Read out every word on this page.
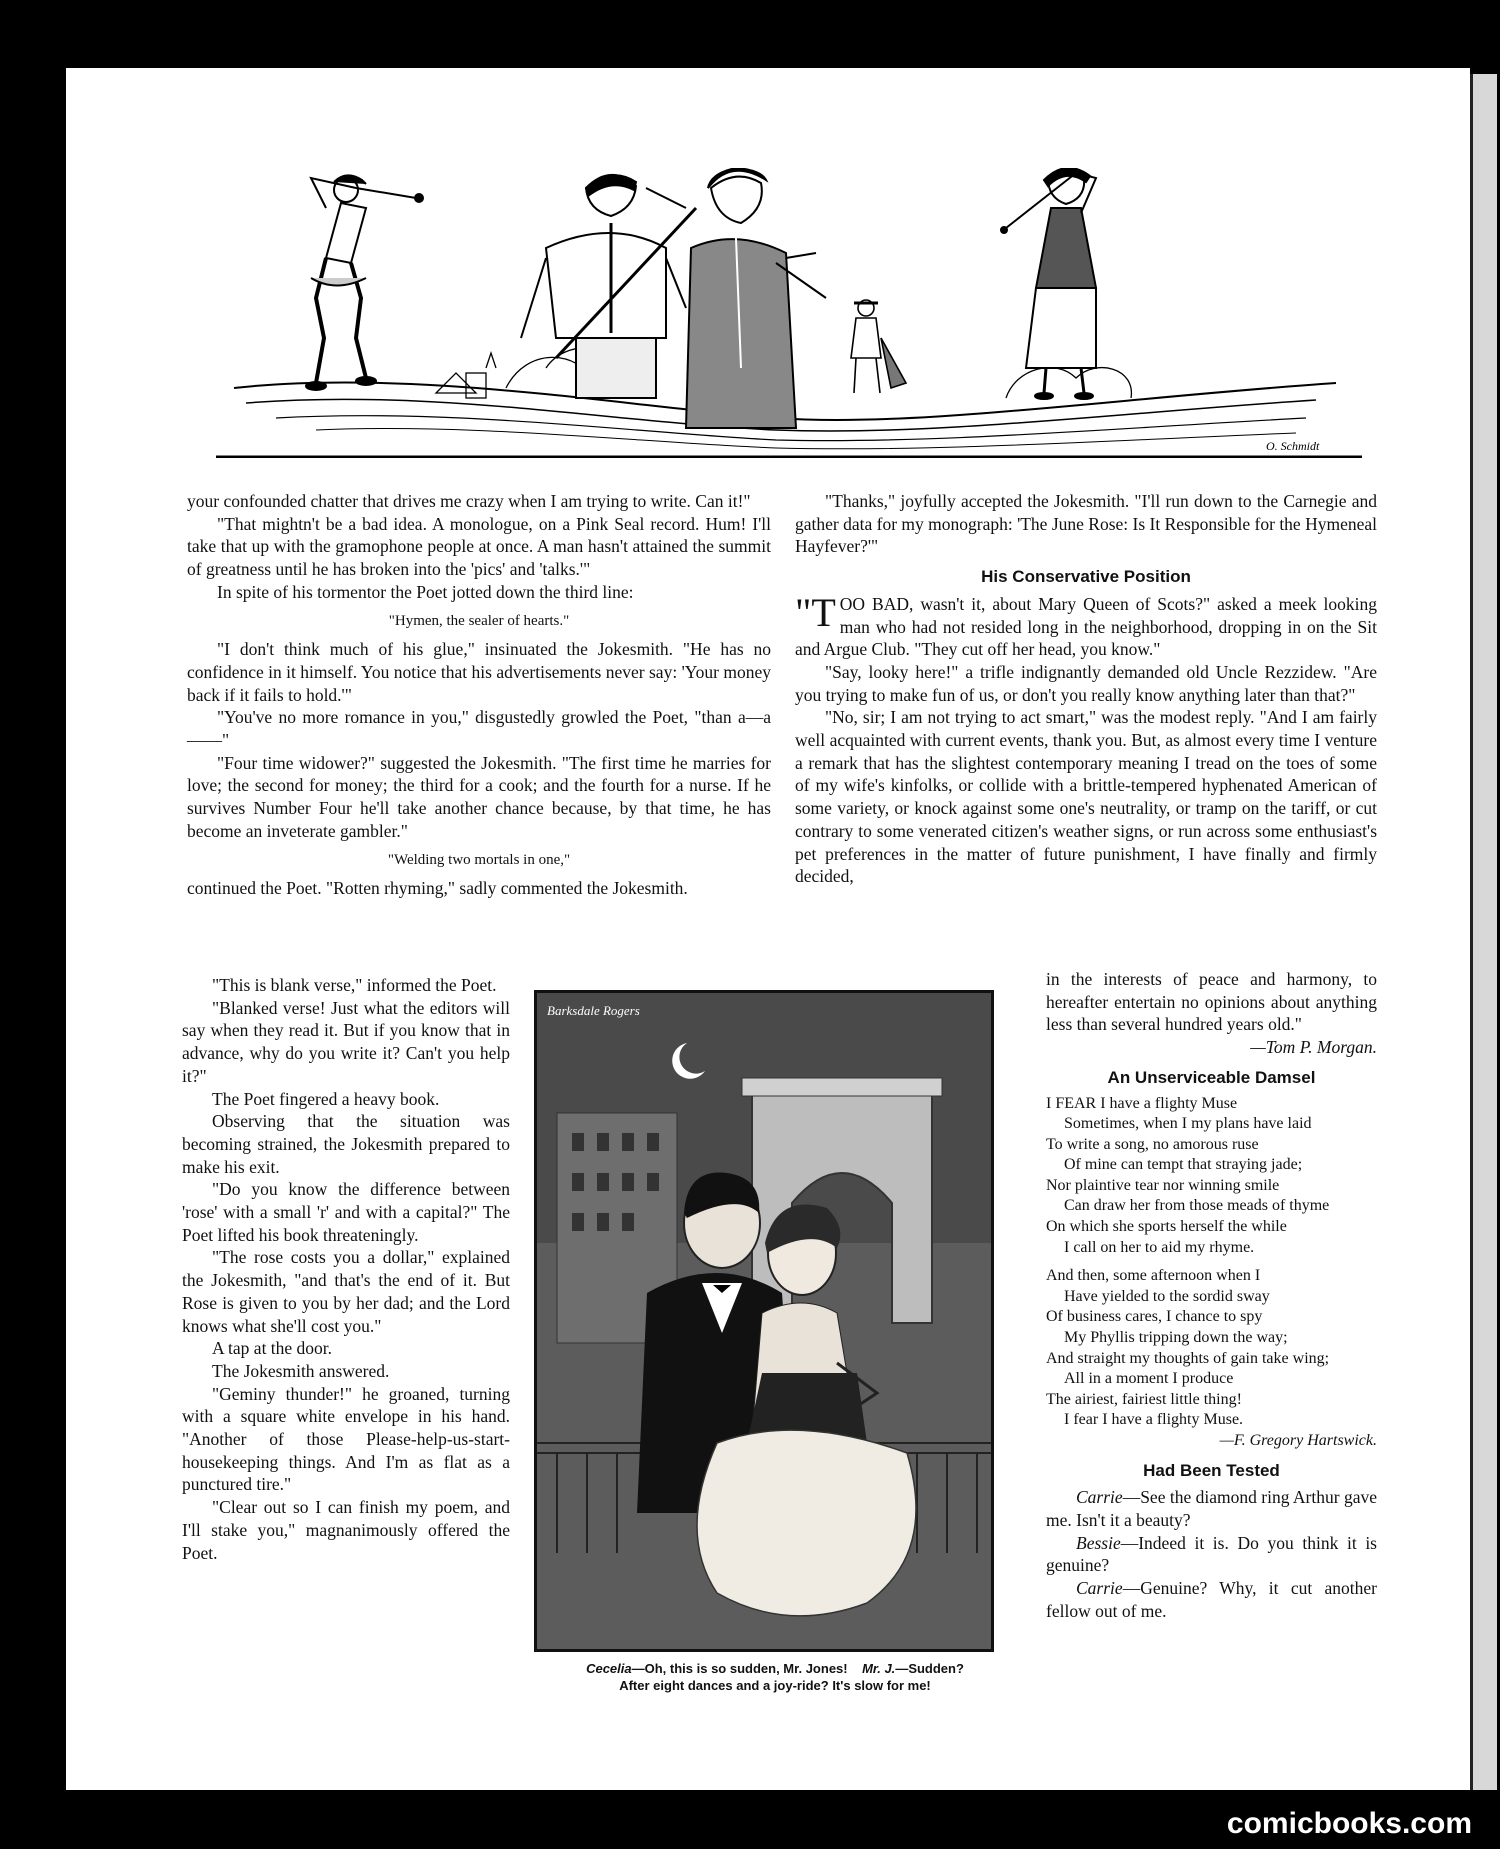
O. Schmidt

your confounded chatter that drives me crazy when I am trying to write. Can it!"

"That mightn't be a bad idea. A monologue, on a Pink Seal record. Hum! I'll take that up with the gramophone people at once. A man hasn't attained the summit of greatness until he has broken into the 'pics' and 'talks.'"

In spite of his tormentor the Poet jotted down the third line:

"Hymen, the sealer of hearts."

"I don't think much of his glue," insinuated the Jokesmith. "He has no confidence in it himself. You notice that his advertisements never say: 'Your money back if it fails to hold.'"

"You've no more romance in you," disgustedly growled the Poet, "than a—a——"

"Four time widower?" suggested the Jokesmith. "The first time he marries for love; the second for money; the third for a cook; and the fourth for a nurse. If he survives Number Four he'll take another chance because, by that time, he has become an inveterate gambler."

"Welding two mortals in one,"

continued the Poet. "Rotten rhyming," sadly commented the Jokesmith.

"This is blank verse," informed the Poet.

"Blanked verse! Just what the editors will say when they read it. But if you know that in advance, why do you write it? Can't you help it?"

The Poet fingered a heavy book.

Observing that the situation was becoming strained, the Jokesmith prepared to make his exit.

"Do you know the difference between 'rose' with a small 'r' and with a capital?" The Poet lifted his book threateningly.

"The rose costs you a dollar," explained the Jokesmith, "and that's the end of it. But Rose is given to you by her dad; and the Lord knows what she'll cost you."

A tap at the door.

The Jokesmith answered.

"Geminy thunder!" he groaned, turning with a square white envelope in his hand. "Another of those Please-help-us-start-housekeeping things. And I'm as flat as a punctured tire."

"Clear out so I can finish my poem, and I'll stake you," magnanimously offered the Poet.

"Thanks," joyfully accepted the Jokesmith. "I'll run down to the Carnegie and gather data for my monograph: 'The June Rose: Is It Responsible for the Hymeneal Hayfever?'"

His Conservative Position

"TOO BAD, wasn't it, about Mary Queen of Scots?" asked a meek looking man who had not resided long in the neighborhood, dropping in on the Sit and Argue Club. "They cut off her head, you know."

"Say, looky here!" a trifle indignantly demanded old Uncle Rezzidew. "Are you trying to make fun of us, or don't you really know anything later than that?"

"No, sir; I am not trying to act smart," was the modest reply. "And I am fairly well acquainted with current events, thank you. But, as almost every time I venture a remark that has the slightest contemporary meaning I tread on the toes of some of my wife's kinfolks, or collide with a brittle-tempered hyphenated American of some variety, or knock against some one's neutrality, or tramp on the tariff, or cut contrary to some venerated citizen's weather signs, or run across some enthusiast's pet preferences in the matter of future punishment, I have finally and firmly decided,

in the interests of peace and harmony, to hereafter entertain no opinions about anything less than several hundred years old."

—Tom P. Morgan.

An Unserviceable Damsel

I FEAR I have a flighty Muse

Sometimes, when I my plans have laid

To write a song, no amorous ruse

Of mine can tempt that straying jade;

Nor plaintive tear nor winning smile

Can draw her from those meads of thyme

On which she sports herself the while

I call on her to aid my rhyme.

And then, some afternoon when I

Have yielded to the sordid sway

Of business cares, I chance to spy

My Phyllis tripping down the way;

And straight my thoughts of gain take wing;

All in a moment I produce

The airiest, fairiest little thing!

I fear I have a flighty Muse.

—F. Gregory Hartswick.

Had Been Tested

Carrie—See the diamond ring Arthur gave me. Isn't it a beauty?

Bessie—Indeed it is. Do you think it is genuine?

Carrie—Genuine? Why, it cut another fellow out of me.

Barksdale Rogers
Cecelia—Oh, this is so sudden, Mr. Jones! Mr. J.—Sudden?
After eight dances and a joy-ride? It's slow for me!
comicbooks.com
